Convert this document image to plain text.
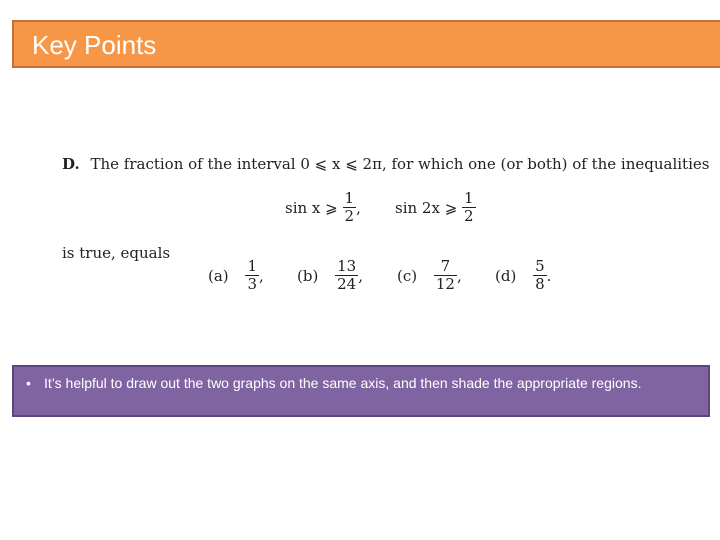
Key Points
D. The fraction of the interval 0 ⩽ x ⩽ 2π, for which one (or both) of the inequalities
sin x ⩾ $\frac{1}{2}$ , sin 2x ⩾ $\frac{1}{2}$
is true, equals
$(a) \frac{1}{3}$ ,	$(b) \frac{13}{24}$ ,	$(c) \frac{7}{12}$ ,	$(d) \frac{5}{8}$ .
• It’s helpful to draw out the two graphs on the same axis, and then shade the appropriate regions.
